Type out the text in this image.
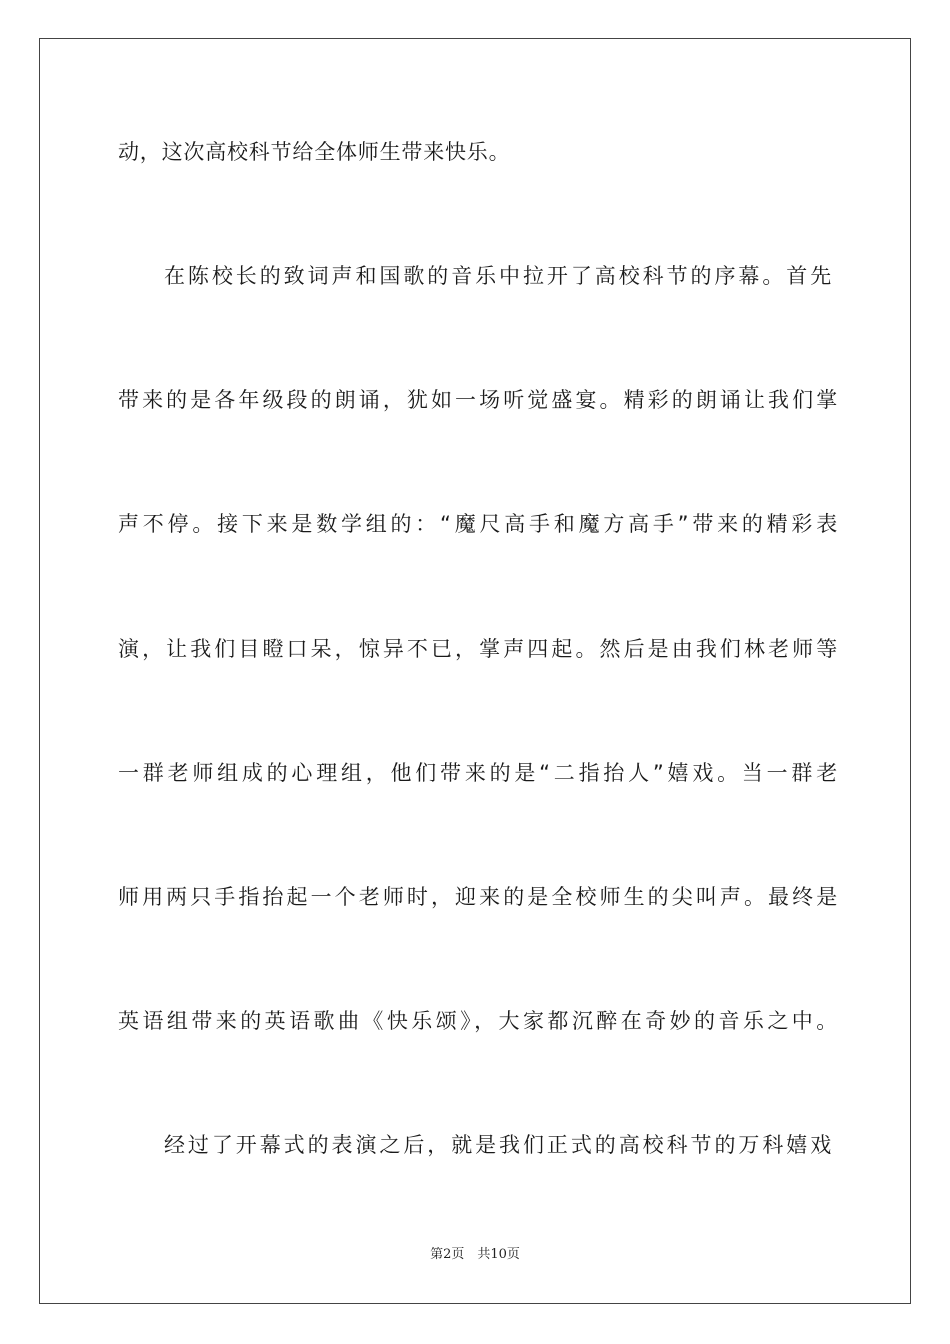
动，这次高校科节给全体师生带来快乐。
在陈校长的致词声和国歌的音乐中拉开了高校科节的序幕。首先
带来的是各年级段的朗诵，犹如一场听觉盛宴。精彩的朗诵让我们掌
声不停。接下来是数学组的：“魔尺高手和魔方高手”带来的精彩表
演，让我们目瞪口呆，惊异不已，掌声四起。然后是由我们林老师等
一群老师组成的心理组，他们带来的是“二指抬人”嬉戏。当一群老
师用两只手指抬起一个老师时，迎来的是全校师生的尖叫声。最终是
英语组带来的英语歌曲《快乐颂》，大家都沉醉在奇妙的音乐之中。
经过了开幕式的表演之后，就是我们正式的高校科节的万科嬉戏
第2页　共10页
